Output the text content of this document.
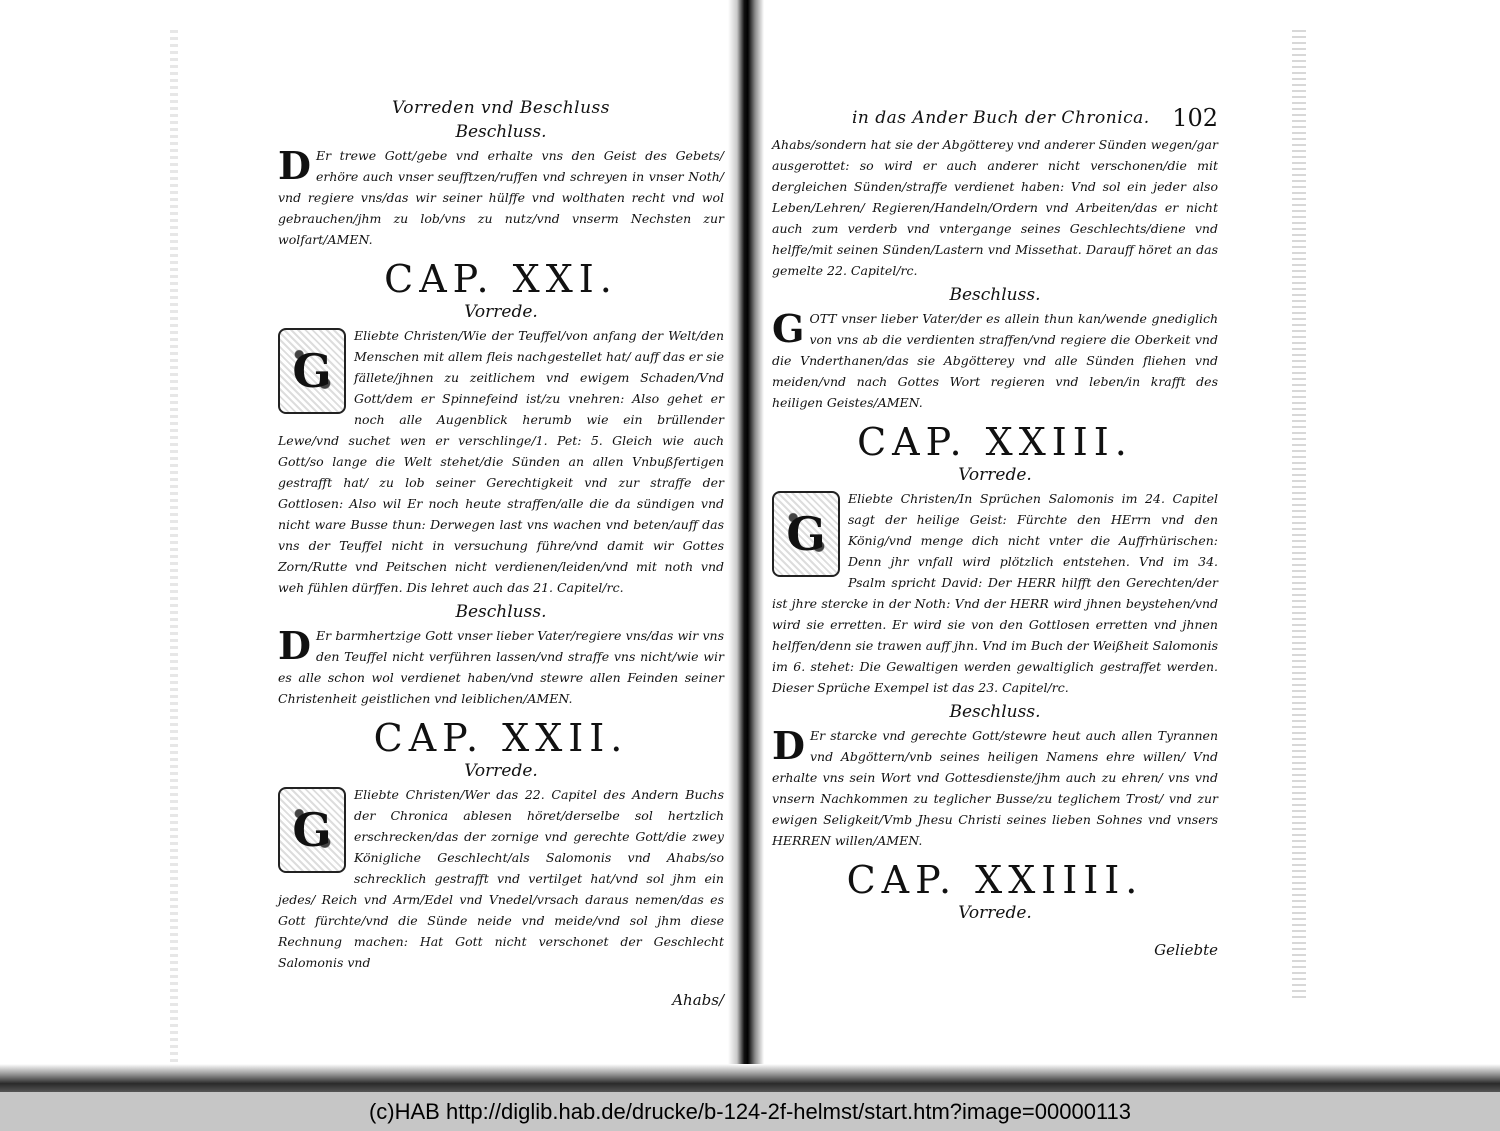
Vorreden vnd Beschluss
Beschluss.
D Er trewe Gott/gebe vnd erhalte vns den Geist des Gebets/ erhöre auch vnser seufftzen/ruffen vnd schreyen in vnser Noth/ vnd regiere vns/das wir seiner hülffe vnd wolthaten recht vnd wol gebrauchen/jhm zu lob/vns zu nutz/vnd vnserm Nechsten zur wolfart/AMEN.
CAP. XXI.
Vorrede.
G
Eliebte Christen/Wie der Teuffel/von anfang der Welt/den Menschen mit allem fleis nachgestellet hat/ auff das er sie fällete/jhnen zu zeitlichem vnd ewigem Schaden/Vnd Gott/dem er Spinnefeind ist/zu vnehren: Also gehet er noch alle Augenblick herumb wie ein brüllender Lewe/vnd suchet wen er verschlinge/1. Pet: 5. Gleich wie auch Gott/so lange die Welt stehet/die Sünden an allen Vnbußfertigen gestrafft hat/ zu lob seiner Gerechtigkeit vnd zur straffe der Gottlosen: Also wil Er noch heute straffen/alle die da sündigen vnd nicht ware Busse thun: Derwegen last vns wachen vnd beten/auff das vns der Teuffel nicht in versuchung führe/vnd damit wir Gottes Zorn/Rutte vnd Peitschen nicht verdienen/leiden/vnd mit noth vnd weh fühlen dürffen. Dis lehret auch das 21. Capitel/rc.
Beschluss.
D Er barmhertzige Gott vnser lieber Vater/regiere vns/das wir vns den Teuffel nicht verführen lassen/vnd straffe vns nicht/wie wir es alle schon wol verdienet haben/vnd stewre allen Feinden seiner Christenheit geistlichen vnd leiblichen/AMEN.
CAP. XXII.
Vorrede.
G
Eliebte Christen/Wer das 22. Capitel des Andern Buchs der Chronica ablesen höret/derselbe sol hertzlich erschrecken/das der zornige vnd gerechte Gott/die zwey Königliche Geschlecht/als Salomonis vnd Ahabs/so schrecklich gestrafft vnd vertilget hat/vnd sol jhm ein jedes/ Reich vnd Arm/Edel vnd Vnedel/vrsach daraus nemen/das es Gott fürchte/vnd die Sünde neide vnd meide/vnd sol jhm diese Rechnung machen: Hat Gott nicht verschonet der Geschlecht Salomonis vnd
Ahabs/
in das Ander Buch der Chronica. 102
Ahabs/sondern hat sie der Abgötterey vnd anderer Sünden wegen/gar ausgerottet: so wird er auch anderer nicht verschonen/die mit dergleichen Sünden/straffe verdienet haben: Vnd sol ein jeder also Leben/Lehren/ Regieren/Handeln/Ordern vnd Arbeiten/das er nicht auch zum verderb vnd vntergange seines Geschlechts/diene vnd helffe/mit seinen Sünden/Lastern vnd Missethat. Darauff höret an das gemelte 22. Capitel/rc.
Beschluss.
GOTT vnser lieber Vater/der es allein thun kan/wende gnediglich von vns ab die verdienten straffen/vnd regiere die Oberkeit vnd die Vnderthanen/das sie Abgötterey vnd alle Sünden fliehen vnd meiden/vnd nach Gottes Wort regieren vnd leben/in krafft des heiligen Geistes/AMEN.
CAP. XXIII.
Vorrede.
G
Eliebte Christen/In Sprüchen Salomonis im 24. Capitel sagt der heilige Geist: Fürchte den HErrn vnd den König/vnd menge dich nicht vnter die Auffrhürischen: Denn jhr vnfall wird plötzlich entstehen. Vnd im 34. Psalm spricht David: Der HERR hilfft den Gerechten/der ist jhre stercke in der Noth: Vnd der HERR wird jhnen beystehen/vnd wird sie erretten. Er wird sie von den Gottlosen erretten vnd jhnen helffen/denn sie trawen auff jhn. Vnd im Buch der Weißheit Salomonis im 6. stehet: Die Gewaltigen werden gewaltiglich gestraffet werden. Dieser Sprüche Exempel ist das 23. Capitel/rc.
Beschluss.
D Er starcke vnd gerechte Gott/stewre heut auch allen Tyrannen vnd Abgöttern/vnb seines heiligen Namens ehre willen/ Vnd erhalte vns sein Wort vnd Gottesdienste/jhm auch zu ehren/ vns vnd vnsern Nachkommen zu teglicher Busse/zu teglichem Trost/ vnd zur ewigen Seligkeit/Vmb Jhesu Christi seines lieben Sohnes vnd vnsers HERREN willen/AMEN.
CAP. XXIIII.
Vorrede.
Geliebte
(c)HAB http://diglib.hab.de/drucke/b-124-2f-helmst/start.htm?image=00000113
